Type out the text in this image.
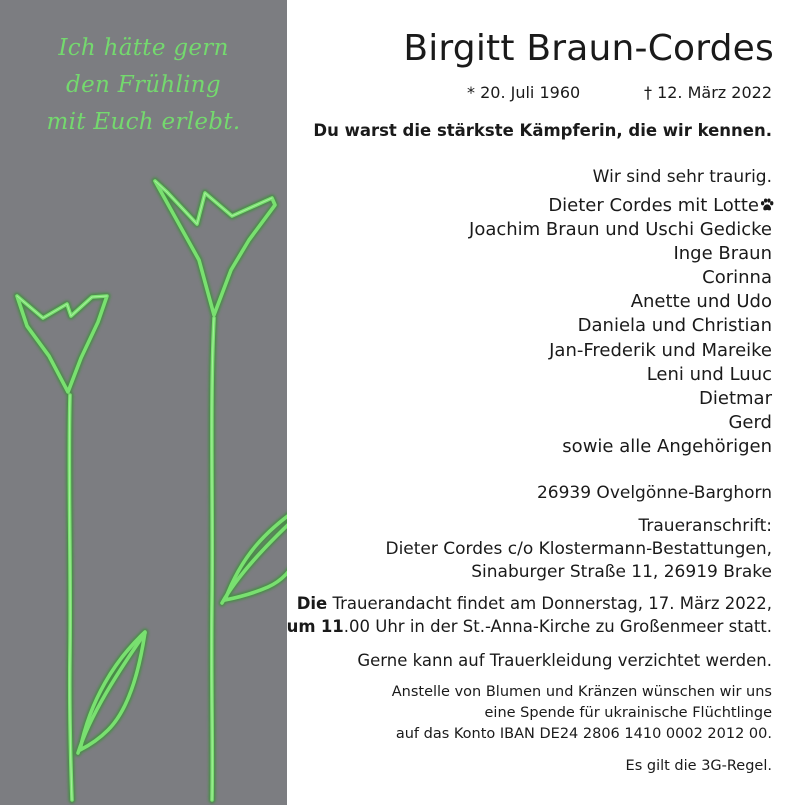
Ich hätte gern
den Frühling
mit Euch erlebt.
Birgitt Braun-Cordes
* 20. Juli 1960	† 12. März 2022
Du warst die stärkste Kämpferin, die wir kennen.
Wir sind sehr traurig.
Dieter Cordes mit Lotte
Joachim Braun und Uschi Gedicke
Inge Braun
Corinna
Anette und Udo
Daniela und Christian
Jan-Frederik und Mareike
Leni und Luuc
Dietmar
Gerd
sowie alle Angehörigen
26939 Ovelgönne-Barghorn
Traueranschrift:
Dieter Cordes c/o Klostermann-Bestattungen,
Sinaburger Straße 11, 26919 Brake
Die Trauerandacht findet am Donnerstag, 17. März 2022,
um 11.00 Uhr in der St.-Anna-Kirche zu Großenmeer statt.
Gerne kann auf Trauerkleidung verzichtet werden.
Anstelle von Blumen und Kränzen wünschen wir uns
eine Spende für ukrainische Flüchtlinge
auf das Konto IBAN DE24 2806 1410 0002 2012 00.
Es gilt die 3G-Regel.
